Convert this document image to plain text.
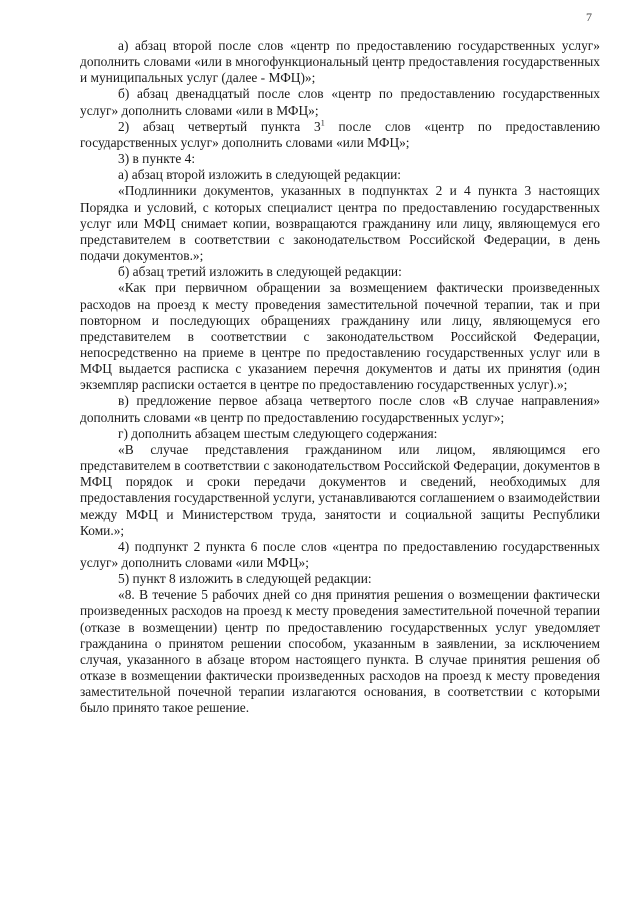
7

а) абзац второй после слов «центр по предоставлению государственных услуг» дополнить словами «или в многофункциональный центр предоставления государственных и муниципальных услуг (далее - МФЦ)»;

б) абзац двенадцатый после слов «центр по предоставлению государственных услуг» дополнить словами «или в МФЦ»;

2) абзац четвертый пункта $3^1$ после слов «центр по предоставлению государственных услуг» дополнить словами «или МФЦ»;

3) в пункте 4:

а) абзац второй изложить в следующей редакции:

«Подлинники документов, указанных в подпунктах 2 и 4 пункта 3 настоящих Порядка и условий, с которых специалист центра по предоставлению государственных услуг или МФЦ снимает копии, возвращаются гражданину или лицу, являющемуся его представителем в соответствии с законодательством Российской Федерации, в день подачи документов.»;

б) абзац третий изложить в следующей редакции:

«Как при первичном обращении за возмещением фактически произведенных расходов на проезд к месту проведения заместительной почечной терапии, так и при повторном и последующих обращениях гражданину или лицу, являющемуся его представителем в соответствии с законодательством Российской Федерации, непосредственно на приеме в центре по предоставлению государственных услуг или в МФЦ выдается расписка с указанием перечня документов и даты их принятия (один экземпляр расписки остается в центре по предоставлению государственных услуг).»;

в) предложение первое абзаца четвертого после слов «В случае направления» дополнить словами «в центр по предоставлению государственных услуг»;

г) дополнить абзацем шестым следующего содержания:

«В случае представления гражданином или лицом, являющимся его представителем в соответствии с законодательством Российской Федерации, документов в МФЦ порядок и сроки передачи документов и сведений, необходимых для предоставления государственной услуги, устанавливаются соглашением о взаимодействии между МФЦ и Министерством труда, занятости и социальной защиты Республики Коми.»;

4) подпункт 2 пункта 6 после слов «центра по предоставлению государственных услуг» дополнить словами «или МФЦ»;

5) пункт 8 изложить в следующей редакции:

«8. В течение 5 рабочих дней со дня принятия решения о возмещении фактически произведенных расходов на проезд к месту проведения заместительной почечной терапии (отказе в возмещении) центр по предоставлению государственных услуг уведомляет гражданина о принятом решении способом, указанным в заявлении, за исключением случая, указанного в абзаце втором настоящего пункта. В случае принятия решения об отказе в возмещении фактически произведенных расходов на проезд к месту проведения заместительной почечной терапии излагаются основания, в соответствии с которыми было принято такое решение.
